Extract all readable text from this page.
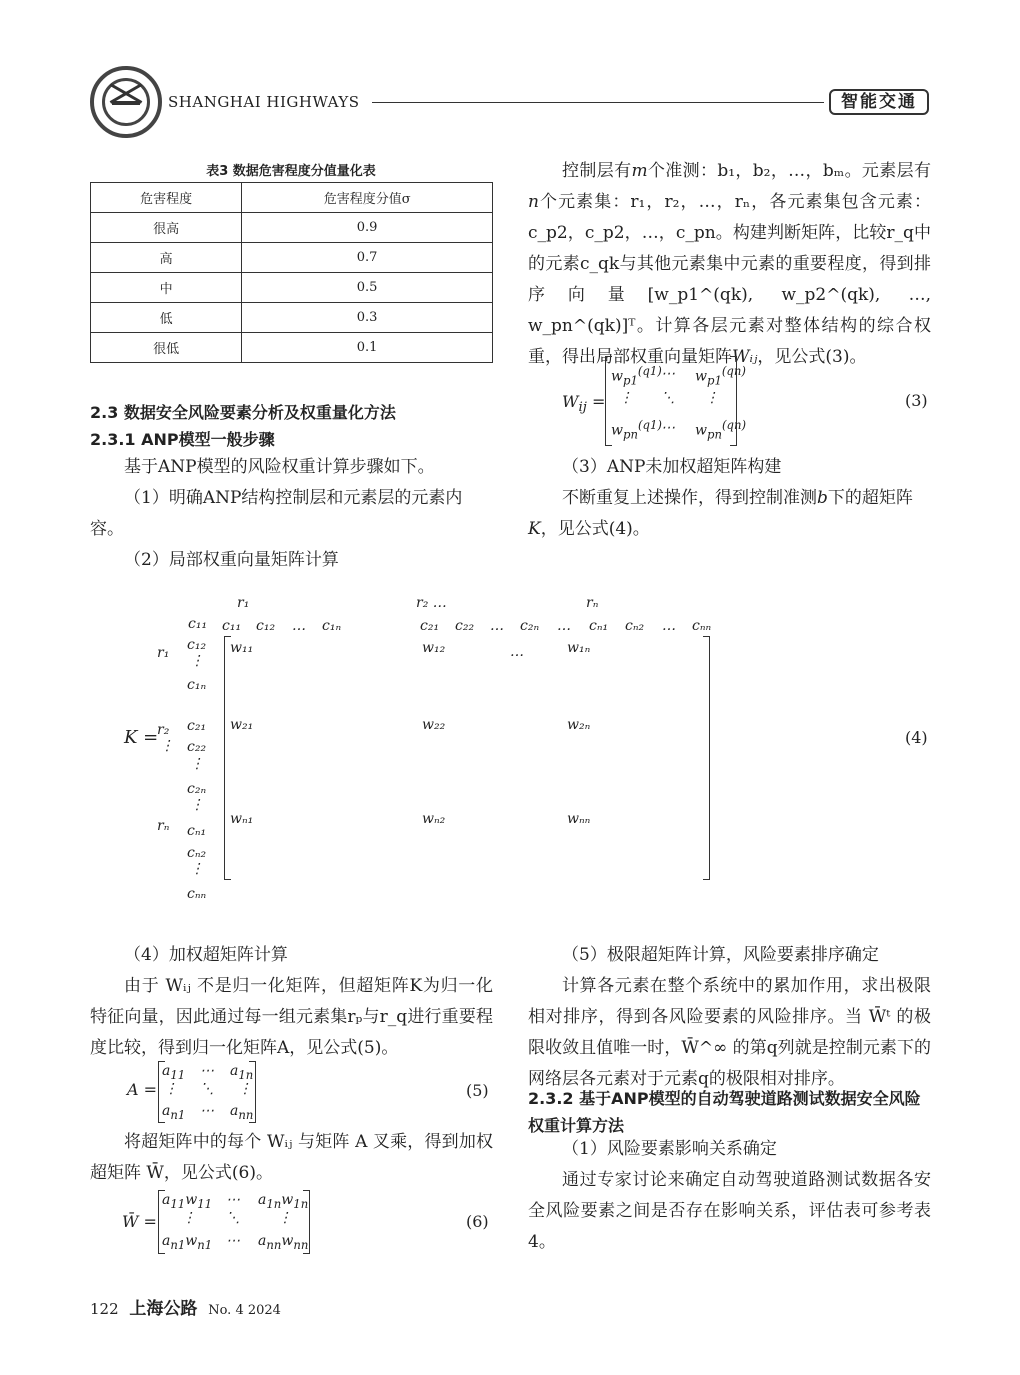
SHANGHAI HIGHWAYS	智能交通
表3 数据危害程度分值量化表
危害程度	危害程度分值σ
很高	0.9
高	0.7
中	0.5
低	0.3
很低	0.1
2.3 数据安全风险要素分析及权重量化方法
2.3.1 ANP模型一般步骤

基于ANP模型的风险权重计算步骤如下。

（1）明确ANP结构控制层和元素层的元素内容。

（2）局部权重向量矩阵计算

控制层有m个准测：b₁，b₂，…，bₘ。元素层有n个元素集：r₁，r₂，…，rₙ，各元素集包含元素：c_p2，c_p2，…，c_pn。构建判断矩阵，比较r_q中的元素c_qk与其他元素集中元素的重要程度，得到排序向量[w_p1^(qk), w_p2^(qk), …, w_pn^(qk)]ᵀ。计算各层元素对整体结构的综合权重，得出局部权重向量矩阵Wᵢⱼ，见公式(3)。

$W_{ij}$ =
$w_{p1}^{(q1)}$ ⋯ $w_{p1}^{(qn)}$
⋮ ⋱ ⋮
$w_{pn}^{(q1)}$ ⋯ $w_{pn}^{(qn)}$
(3)

（3）ANP未加权超矩阵构建

不断重复上述操作，得到控制准测b下的超矩阵K，见公式(4)。

r₁	r₂ …	rₙ
c₁₁ c₁₁ c₁₂ … c₁ₙ	c₂₁ c₂₂ … c₂ₙ … cₙ₁ cₙ₂ … cₙₙ
K =
r₁
r₂
⋮
rₙ
c₁₂
⋮
c₁ₙ
c₂₁
c₂₂
⋮
c₂ₙ
⋮
cₙ₁
cₙ₂
⋮
cₙₙ
w₁₁	w₁₂	…	w₁ₙ
w₂₁	w₂₂	w₂ₙ
wₙ₁	wₙ₂	wₙₙ
(4)

（4）加权超矩阵计算

由于 Wᵢⱼ 不是归一化矩阵，但超矩阵K为归一化特征向量，因此通过每一组元素集rₚ与r_q进行重要程度比较，得到归一化矩阵A，见公式(5)。

A =
$a_{11}$ ⋯ $a_{1n}$
⋮ ⋱ ⋮
$a_{n1}$ ⋯ $a_{nn}$
(5)

将超矩阵中的每个 Wᵢⱼ 与矩阵 A 叉乘，得到加权超矩阵 W̄，见公式(6)。

W̄ =
$a_{11}w_{11}$ ⋯ $a_{1n}w_{1n}$
⋮ ⋱	⋮
$a_{n1}w_{n1}$ ⋯ $a_{nn}w_{nn}$
(6)

（5）极限超矩阵计算，风险要素排序确定

计算各元素在整个系统中的累加作用，求出极限相对排序，得到各风险要素的风险排序。当 W̄ᵗ 的极限收敛且值唯一时，W̄^∞ 的第q列就是控制元素下的网络层各元素对于元素q的极限相对排序。

2.3.2 基于ANP模型的自动驾驶道路测试数据安全风险权重计算方法

（1）风险要素影响关系确定

通过专家讨论来确定自动驾驶道路测试数据各安全风险要素之间是否存在影响关系，评估表可参考表4。

122 上海公路 No. 4 2024
